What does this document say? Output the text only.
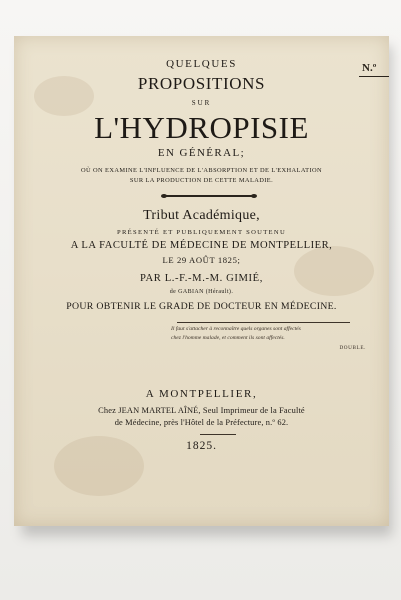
N.º
QUELQUES
PROPOSITIONS
SUR
L'HYDROPISIE
EN GÉNÉRAL;
OÙ ON EXAMINE L'INFLUENCE DE L'ABSORPTION ET DE L'EXHALATION
SUR LA PRODUCTION DE CETTE MALADIE.
Tribut Académique,
PRÉSENTÉ ET PUBLIQUEMENT SOUTENU
A LA FACULTÉ DE MÉDECINE DE MONTPELLIER,
LE 29 AOÛT 1825;
PAR L.-F.-M.-M. GIMIÉ,
de GABIAN (Hérault).
POUR OBTENIR LE GRADE DE DOCTEUR EN MÉDECINE.
Il faut s'attacher à reconnaître quels organes sont affectés
chez l'homme malade, et comment ils sont affectés.
DOUBLE.
A MONTPELLIER,
Chez JEAN MARTEL AÎNÉ, Seul Imprimeur de la Faculté
de Médecine, près l'Hôtel de la Préfecture, n.º 62.
1825.
